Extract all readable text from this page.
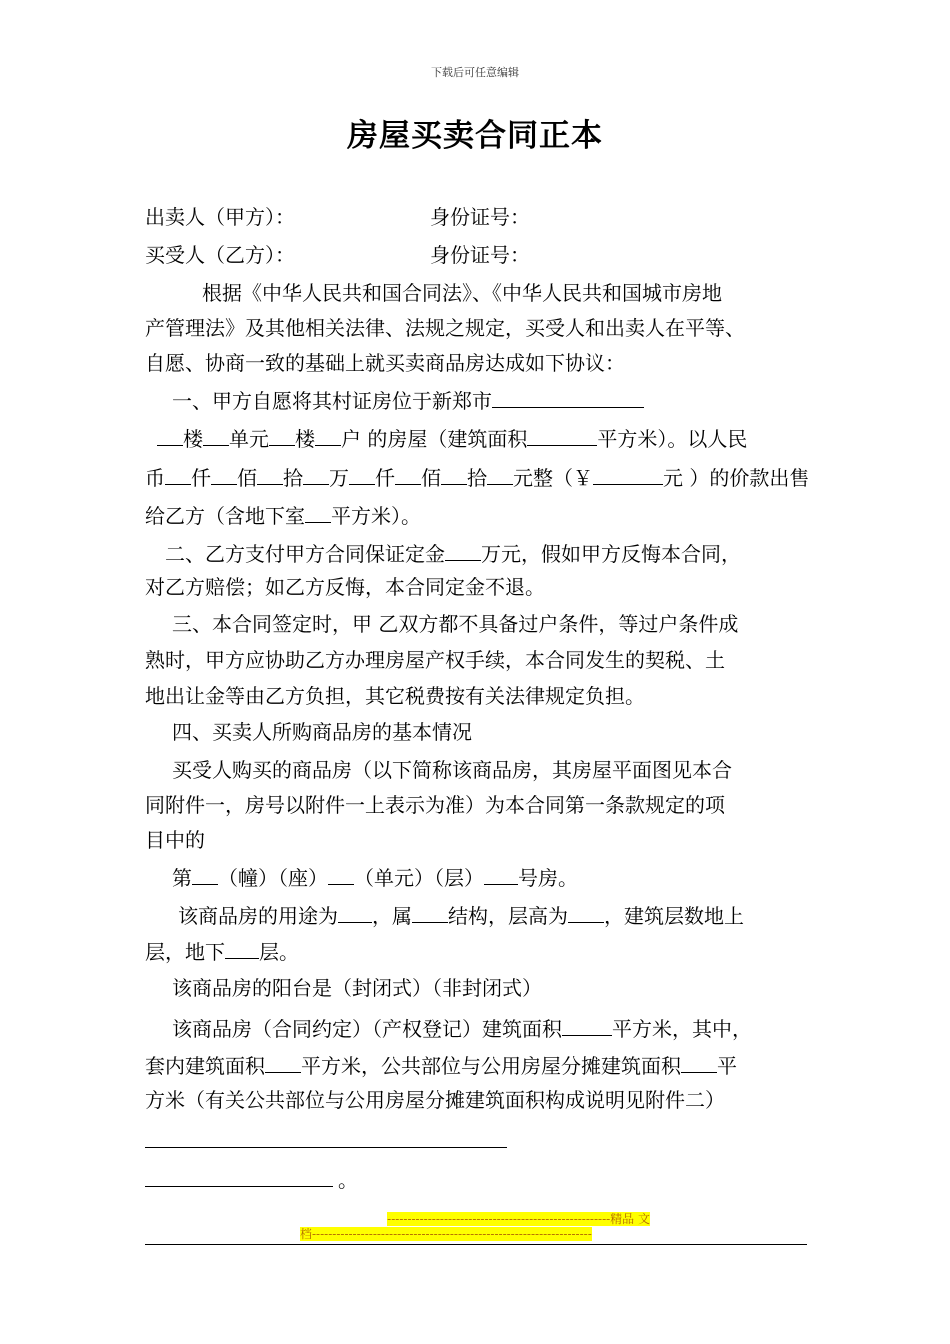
下载后可任意编辑
房屋买卖合同正本
出卖人（甲方）：	身份证号：
买受人（乙方）：	身份证号：
根据《中华人民共和国合同法》、《中华人民共和国城市房地
产管理法》及其他相关法律、法规之规定，买受人和出卖人在平等、
自愿、协商一致的基础上就买卖商品房达成如下协议：
一、甲方自愿将其村证房位于新郑市
楼 单元 楼 户 的房屋（建筑面积	平方米）。以人民
币 仟 佰 拾 万 仟 佰 拾 元整（￥	元 ）的价款出售
给乙方（含地下室 平方米）。
二、乙方支付甲方合同保证定金 万元，假如甲方反悔本合同，
对乙方赔偿；如乙方反悔，本合同定金不退。
三、本合同签定时，甲 乙双方都不具备过户条件，等过户条件成
熟时，甲方应协助乙方办理房屋产权手续，本合同发生的契税、土
地出让金等由乙方负担，其它税费按有关法律规定负担。
四、买卖人所购商品房的基本情况
买受人购买的商品房（以下简称该商品房，其房屋平面图见本合
同附件一，房号以附件一上表示为准）为本合同第一条款规定的项
目中的
第 （幢）（座） （单元）（层） 号房。
该商品房的用途为 ，属 结构，层高为 ，建筑层数地上
层，地下 层。
该商品房的阳台是（封闭式）（非封闭式）
该商品房（合同约定）（产权登记）建筑面积	平方米，其中，
套内建筑面积 平方米，公共部位与公用房屋分摊建筑面积 平
方米（有关公共部位与公用房屋分摊建筑面积构成说明见附件二）
。
-------------------------------------------------------精品 文
档---------------------------------------------------------------------
